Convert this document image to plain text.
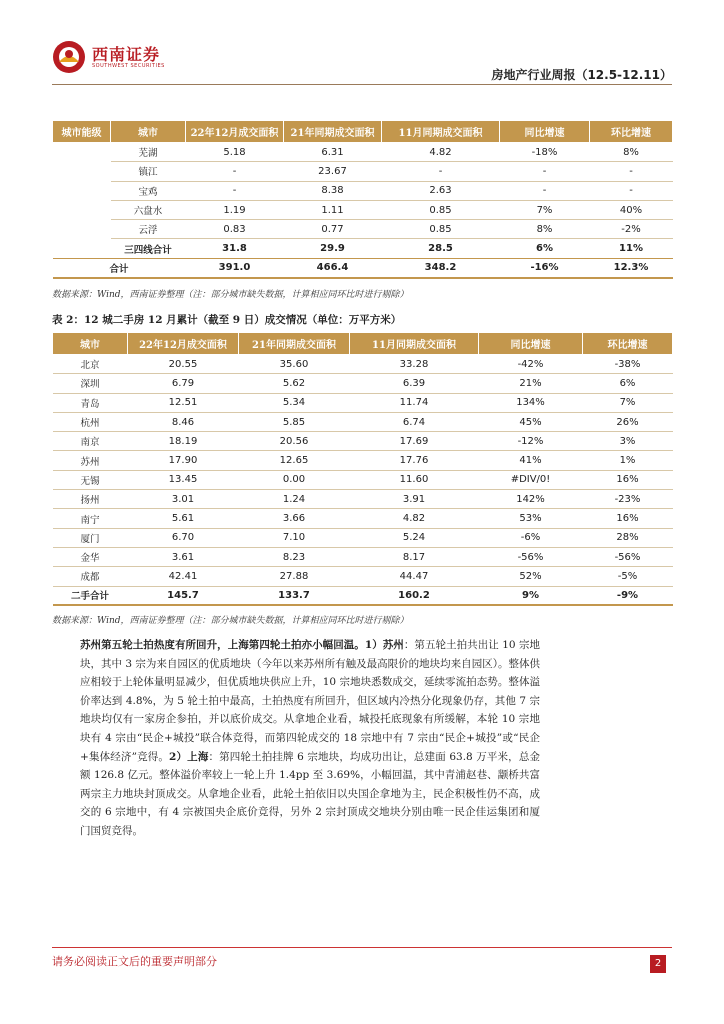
西南证券
SOUTHWEST SECURITIES
房地产行业周报（12.5-12.11）
城市能级	城市	22年12月成交面积	21年同期成交面积	11月同期成交面积	同比增速	环比增速
	芜湖	5.18	6.31	4.82	-18%	8%
	镇江	-	23.67	-	-	-
	宝鸡	-	8.38	2.63	-	-
	六盘水	1.19	1.11	0.85	7%	40%
	云浮	0.83	0.77	0.85	8%	-2%
	三四线合计	31.8	29.9	28.5	6%	11%
合计		391.0	466.4	348.2	-16%	12.3%
数据来源：Wind，西南证券整理（注：部分城市缺失数据，计算相应同环比时进行剔除）
表 2：12 城二手房 12 月累计（截至 9 日）成交情况（单位：万平方米）
城市	22年12月成交面积	21年同期成交面积	11月同期成交面积	同比增速	环比增速
北京	20.55	35.60	33.28	-42%	-38%
深圳	6.79	5.62	6.39	21%	6%
青岛	12.51	5.34	11.74	134%	7%
杭州	8.46	5.85	6.74	45%	26%
南京	18.19	20.56	17.69	-12%	3%
苏州	17.90	12.65	17.76	41%	1%
无锡	13.45	0.00	11.60	#DIV/0!	16%
扬州	3.01	1.24	3.91	142%	-23%
南宁	5.61	3.66	4.82	53%	16%
厦门	6.70	7.10	5.24	-6%	28%
金华	3.61	8.23	8.17	-56%	-56%
成都	42.41	27.88	44.47	52%	-5%
二手合计	145.7	133.7	160.2	9%	-9%
数据来源：Wind，西南证券整理（注：部分城市缺失数据，计算相应同环比时进行剔除）
苏州第五轮土拍热度有所回升，上海第四轮土拍亦小幅回温。1）苏州：第五轮土拍共出让 10 宗地块，其中 3 宗为来自园区的优质地块（今年以来苏州所有触及最高限价的地块均来自园区）。整体供应相较于上轮体量明显减少，但优质地块供应上升，10 宗地块悉数成交，延续零流拍态势。整体溢价率达到 4.8%，为 5 轮土拍中最高，土拍热度有所回升，但区域内冷热分化现象仍存，其他 7 宗地块均仅有一家房企参拍，并以底价成交。从拿地企业看，城投托底现象有所缓解，本轮 10 宗地块有 4 宗由“民企+城投”联合体竞得，而第四轮成交的 18 宗地中有 7 宗由“民企+城投”或“民企+集体经济”竞得。2）上海：第四轮土拍挂牌 6 宗地块，均成功出让，总建面 63.8 万平米，总金额 126.8 亿元。整体溢价率较上一轮上升 1.4pp 至 3.69%，小幅回温，其中青浦赵巷、颛桥共富两宗主力地块封顶成交。从拿地企业看，此轮土拍依旧以央国企拿地为主，民企积极性仍不高，成交的 6 宗地中，有 4 宗被国央企底价竞得，另外 2 宗封顶成交地块分别由唯一民企佳运集团和厦门国贸竞得。
请务必阅读正文后的重要声明部分	2
